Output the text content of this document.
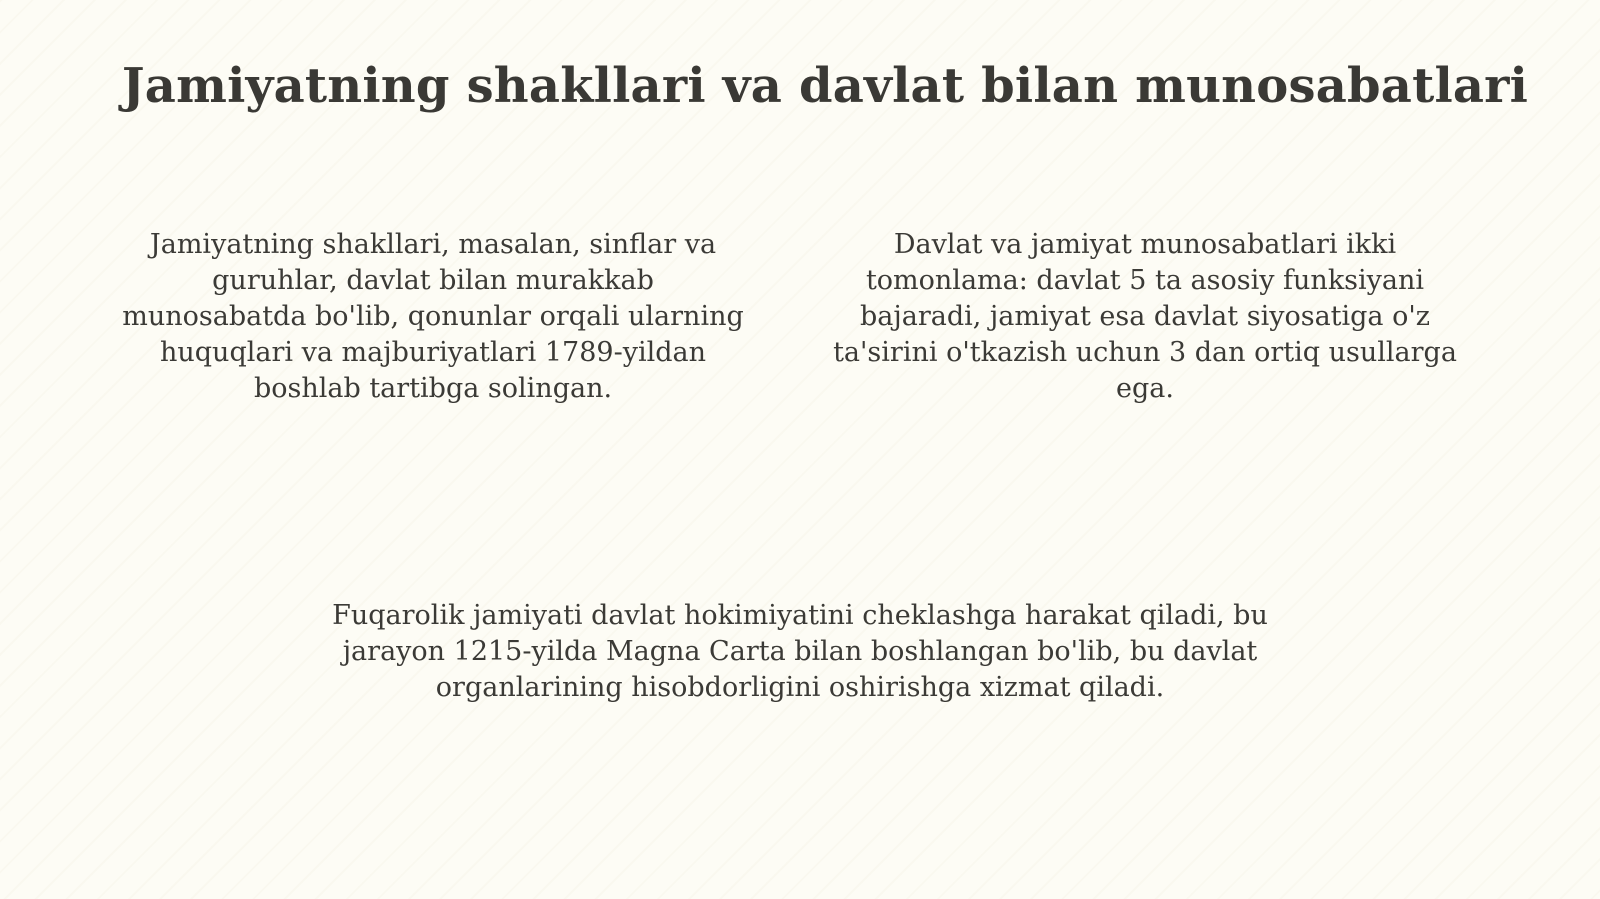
Jamiyatning shakllari va davlat bilan munosabatlari

Jamiyatning shakllari, masalan, sinflar va guruhlar, davlat bilan murakkab munosabatda bo'lib, qonunlar orqali ularning huquqlari va majburiyatlari 1789-yildan boshlab tartibga solingan.

Davlat va jamiyat munosabatlari ikki tomonlama: davlat 5 ta asosiy funksiyani bajaradi, jamiyat esa davlat siyosatiga o'z ta'sirini o'tkazish uchun 3 dan ortiq usullarga ega.

Fuqarolik jamiyati davlat hokimiyatini cheklashga harakat qiladi, bu jarayon 1215-yilda Magna Carta bilan boshlangan bo'lib, bu davlat organlarining hisobdorligini oshirishga xizmat qiladi.
